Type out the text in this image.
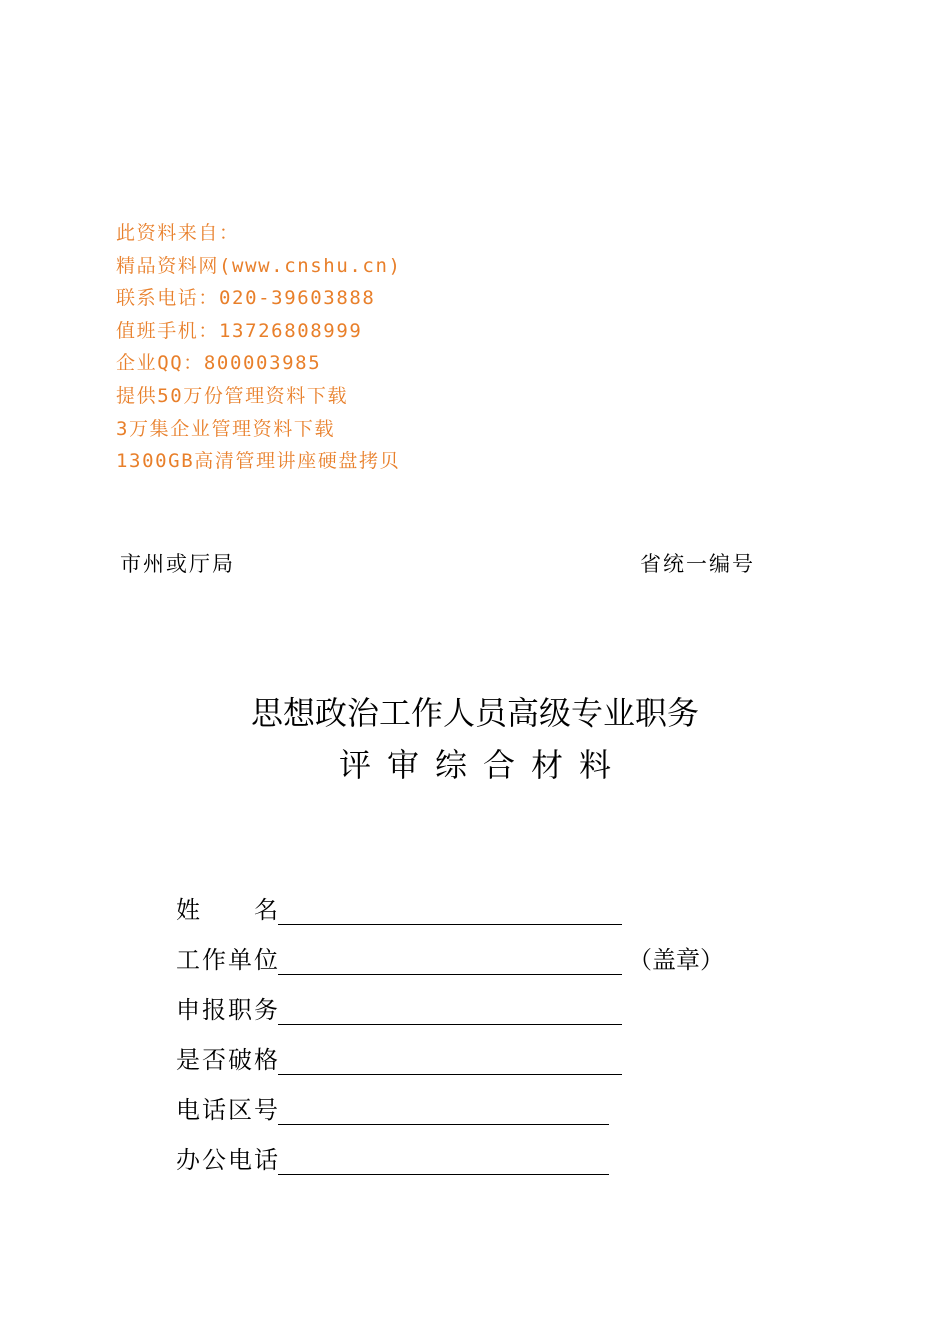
此资料来自：
精品资料网(www.cnshu.cn)
联系电话：020-39603888
值班手机：13726808999
企业QQ：800003985
提供50万份管理资料下载
3万集企业管理资料下载
1300GB高清管理讲座硬盘拷贝
市州或厅局	省统一编号
思想政治工作人员高级专业职务
评审综合材料
姓名
工作单位	（盖章）
申报职务
是否破格
电话区号
办公电话
